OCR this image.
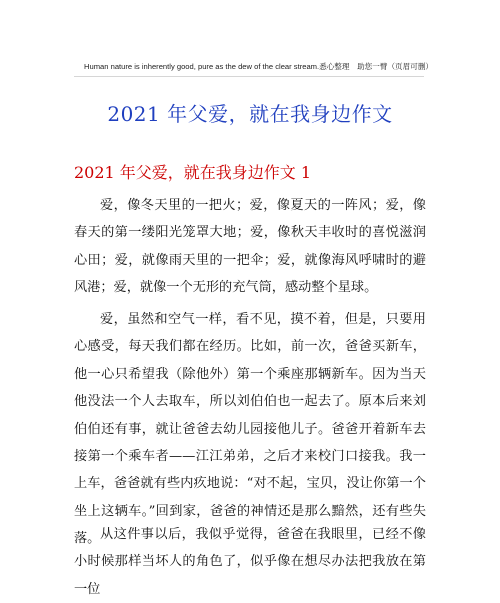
Human nature is inherently good, pure as the dew of the clear stream.悉心整理　助您一臂（页眉可删）
2021 年父爱，就在我身边作文
2021 年父爱，就在我身边作文 1

爱，像冬天里的一把火；爱，像夏天的一阵风；爱，像春天的第一缕阳光笼罩大地；爱，像秋天丰收时的喜悦滋润心田；爱，就像雨天里的一把伞；爱，就像海风呼啸时的避风港；爱，就像一个无形的充气筒，感动整个星球。

爱，虽然和空气一样，看不见，摸不着，但是，只要用心感受，每天我们都在经历。比如，前一次，爸爸买新车，他一心只希望我（除他外）第一个乘座那辆新车。因为当天他没法一个人去取车，所以刘伯伯也一起去了。原本后来刘伯伯还有事，就让爸爸去幼儿园接他儿子。爸爸开着新车去接第一个乘车者——江江弟弟，之后才来校门口接我。我一上车，爸爸就有些内疚地说：“对不起，宝贝，没让你第一个坐上这辆车。”回到家，爸爸的神情还是那么黯然，还有些失落。 从这件事以后，我似乎觉得，爸爸在我眼里，已经不像小时候那样当坏人的角色了，似乎像在想尽办法把我放在第一位
